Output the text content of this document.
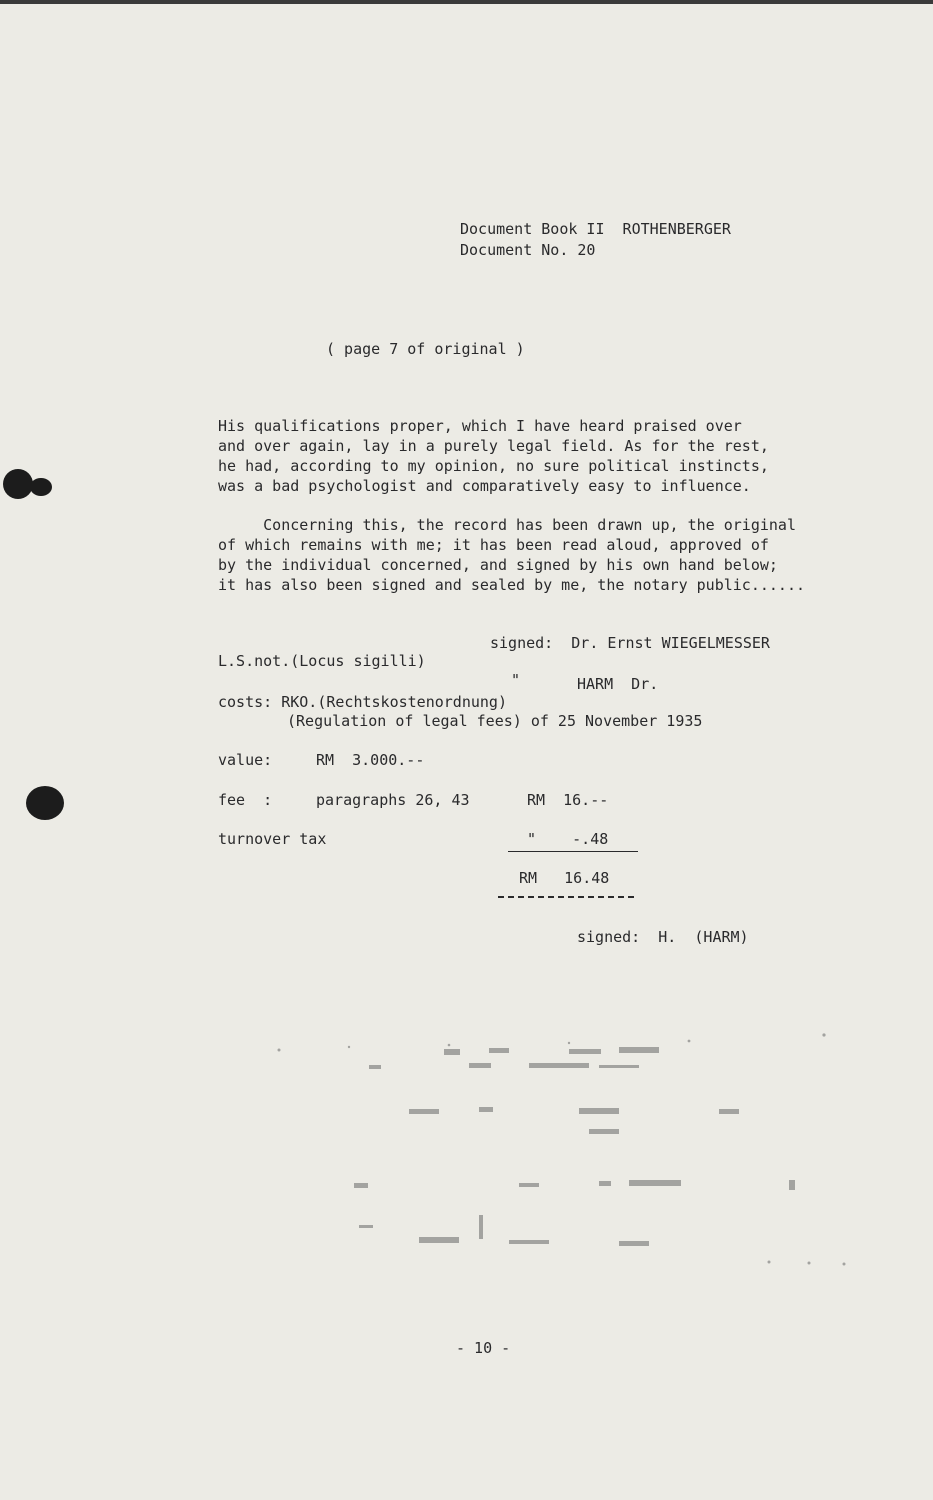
Document Book II  ROTHENBERGER
Document No. 20
( page 7 of original )
His qualifications proper, which I have heard praised over
and over again, lay in a purely legal field. As for the rest,
he had, according to my opinion, no sure political instincts,
was a bad psychologist and comparatively easy to influence.
Concerning this, the record has been drawn up, the original
of which remains with me; it has been read aloud, approved of
by the individual concerned, and signed by his own hand below;
it has also been signed and sealed by me, the notary public......
signed:  Dr. Ernst WIEGELMESSER
L.S.not.(Locus sigilli)
"	HARM  Dr.
costs: RKO.(Rechtskostenordnung)
(Regulation of legal fees) of 25 November 1935
value:	RM  3.000.--
fee  :	paragraphs 26, 43	RM  16.--
turnover tax	"    -.48
RM   16.48
signed:  H.  (HARM)

- 10 -
